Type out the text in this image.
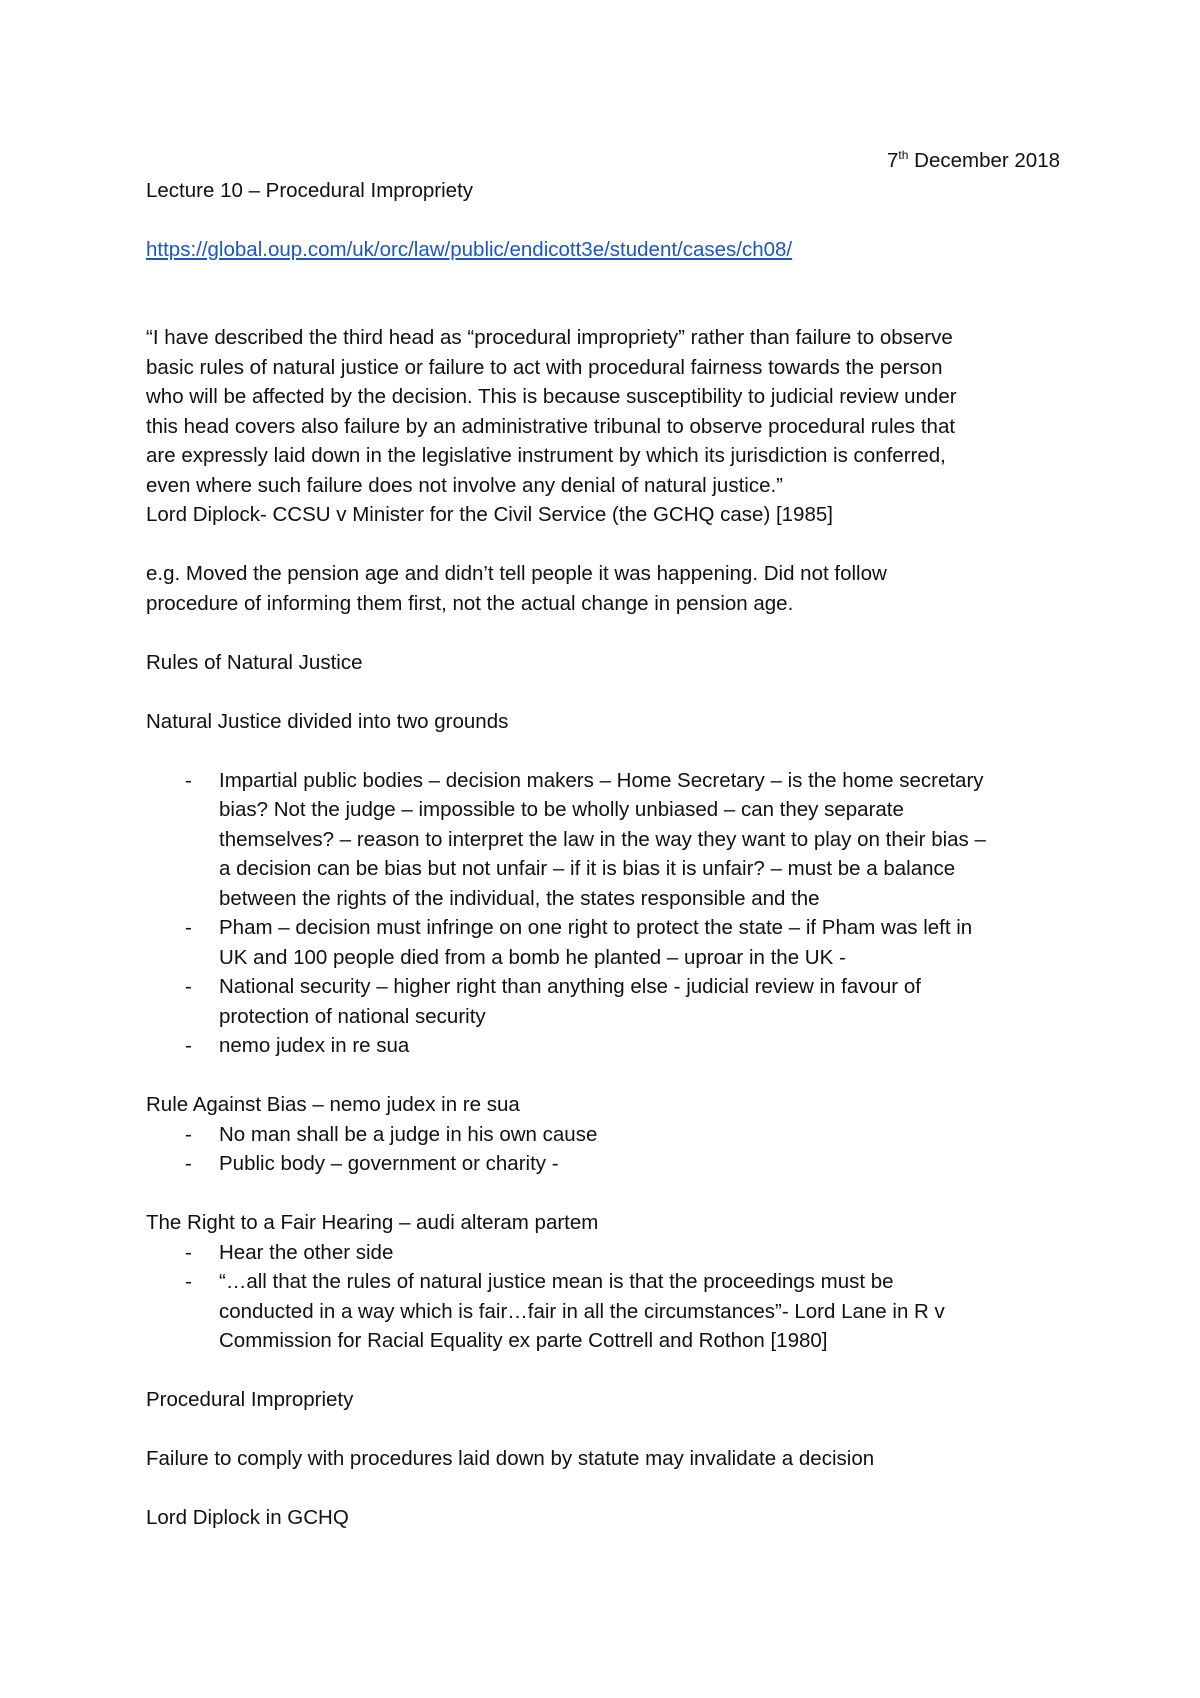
7th December 2018
Lecture 10 – Procedural Impropriety
https://global.oup.com/uk/orc/law/public/endicott3e/student/cases/ch08/
“I have described the third head as “procedural impropriety” rather than failure to observe
basic rules of natural justice or failure to act with procedural fairness towards the person
who will be affected by the decision. This is because susceptibility to judicial review under
this head covers also failure by an administrative tribunal to observe procedural rules that
are expressly laid down in the legislative instrument by which its jurisdiction is conferred,
even where such failure does not involve any denial of natural justice.”
Lord Diplock- CCSU v Minister for the Civil Service (the GCHQ case) [1985]
e.g. Moved the pension age and didn’t tell people it was happening. Did not follow
procedure of informing them first, not the actual change in pension age.
Rules of Natural Justice
Natural Justice divided into two grounds
- Impartial public bodies – decision makers – Home Secretary – is the home secretary
bias? Not the judge – impossible to be wholly unbiased – can they separate
themselves? – reason to interpret the law in the way they want to play on their bias –
a decision can be bias but not unfair – if it is bias it is unfair? – must be a balance
between the rights of the individual, the states responsible and the
- Pham – decision must infringe on one right to protect the state – if Pham was left in
UK and 100 people died from a bomb he planted – uproar in the UK -
- National security – higher right than anything else - judicial review in favour of
protection of national security
- nemo judex in re sua
Rule Against Bias – nemo judex in re sua
- No man shall be a judge in his own cause
- Public body – government or charity -
The Right to a Fair Hearing – audi alteram partem
- Hear the other side
- “…all that the rules of natural justice mean is that the proceedings must be
conducted in a way which is fair…fair in all the circumstances”- Lord Lane in R v
Commission for Racial Equality ex parte Cottrell and Rothon [1980]
Procedural Impropriety
Failure to comply with procedures laid down by statute may invalidate a decision
Lord Diplock in GCHQ
